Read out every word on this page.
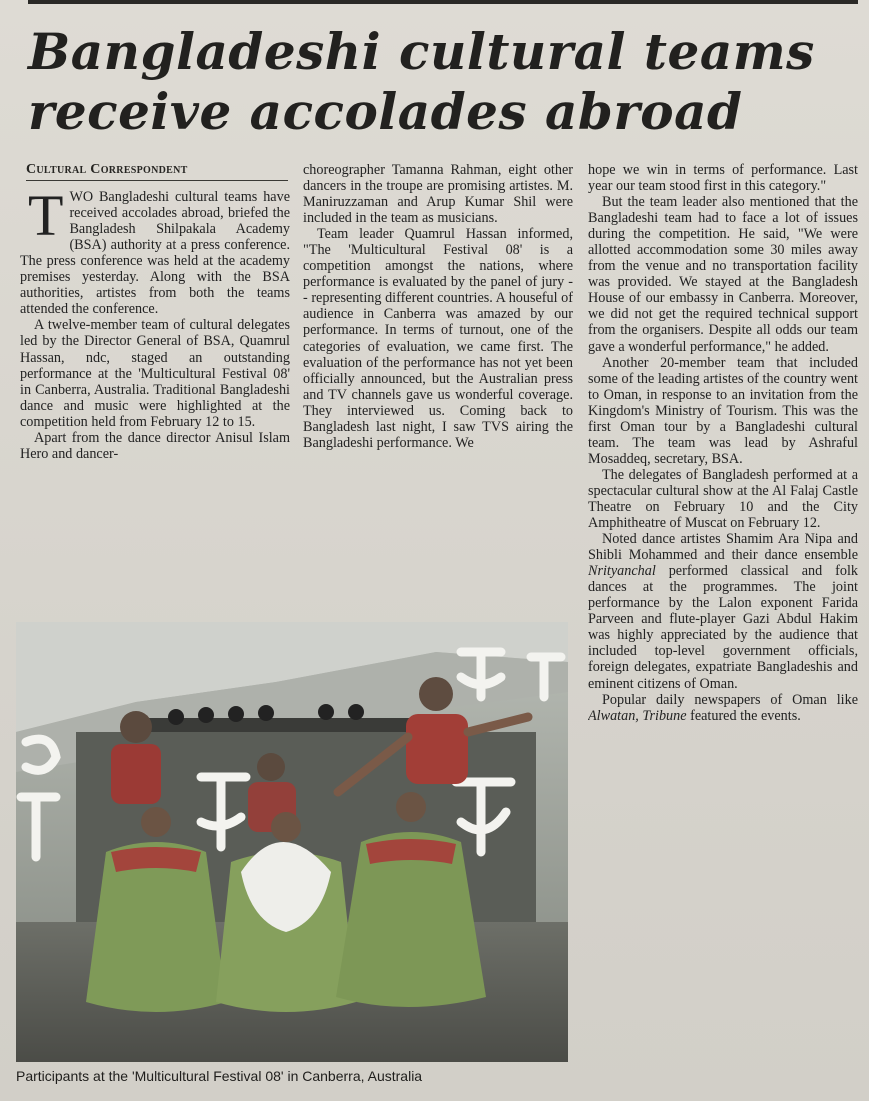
Bangladeshi cultural teams
receive accolades abroad
Cultural Correspondent

TWO Bangladeshi cultural teams have received accolades abroad, briefed the Bangladesh Shilpakala Academy (BSA) authority at a press conference. The press conference was held at the academy premises yesterday. Along with the BSA authorities, artistes from both the teams attended the conference.

A twelve-member team of cultural delegates led by the Director General of BSA, Quamrul Hassan, ndc, staged an outstanding performance at the 'Multicultural Festival 08' in Canberra, Australia. Traditional Bangladeshi dance and music were highlighted at the competition held from February 12 to 15.

Apart from the dance director Anisul Islam Hero and dancer-

choreographer Tamanna Rahman, eight other dancers in the troupe are promising artistes. M. Maniruzzaman and Arup Kumar Shil were included in the team as musicians.

Team leader Quamrul Hassan informed, "The 'Multicultural Festival 08' is a competition amongst the nations, where performance is evaluated by the panel of jury -- representing different countries. A houseful of audience in Canberra was amazed by our performance. In terms of turnout, one of the categories of evaluation, we came first. The evaluation of the performance has not yet been officially announced, but the Australian press and TV channels gave us wonderful coverage. They interviewed us. Coming back to Bangladesh last night, I saw TVS airing the Bangladeshi performance. We

hope we win in terms of performance. Last year our team stood first in this category."

But the team leader also mentioned that the Bangladeshi team had to face a lot of issues during the competition. He said, "We were allotted accommodation some 30 miles away from the venue and no transportation facility was provided. We stayed at the Bangladesh House of our embassy in Canberra. Moreover, we did not get the required technical support from the organisers. Despite all odds our team gave a wonderful performance," he added.

Another 20-member team that included some of the leading artistes of the country went to Oman, in response to an invitation from the Kingdom's Ministry of Tourism. This was the first Oman tour by a Bangladeshi cultural team. The team was lead by Ashraful Mosaddeq, secretary, BSA.

The delegates of Bangladesh performed at a spectacular cultural show at the Al Falaj Castle Theatre on February 10 and the City Amphitheatre of Muscat on February 12.

Noted dance artistes Shamim Ara Nipa and Shibli Mohammed and their dance ensemble Nrityanchal performed classical and folk dances at the programmes. The joint performance by the Lalon exponent Farida Parveen and flute-player Gazi Abdul Hakim was highly appreciated by the audience that included top-level government officials, foreign delegates, expatriate Bangladeshis and eminent citizens of Oman.

Popular daily newspapers of Oman like Alwatan, Tribune featured the events.

Participants at the 'Multicultural Festival 08' in Canberra, Australia
